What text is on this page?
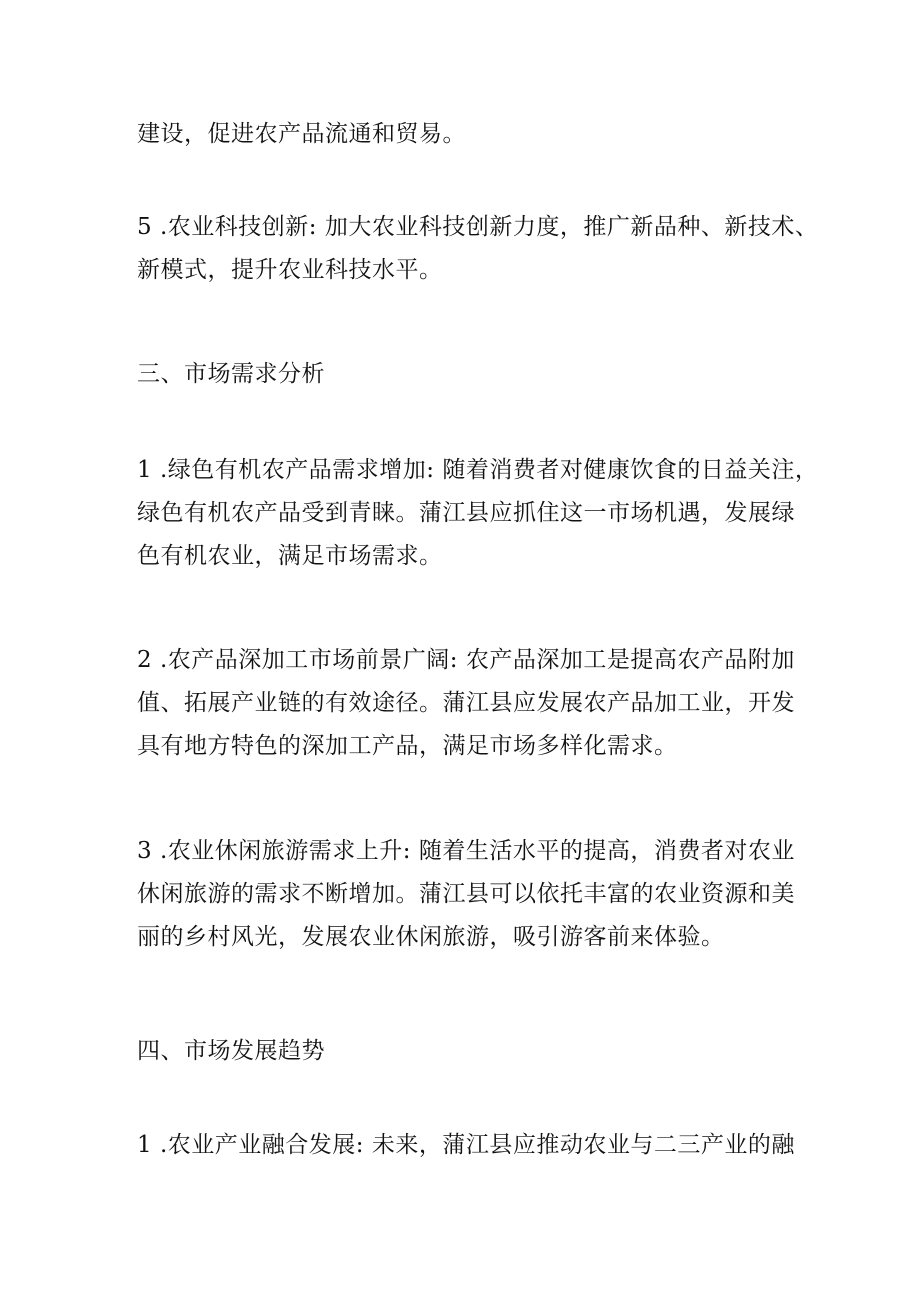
建设，促进农产品流通和贸易。

5 .农业科技创新: 加大农业科技创新力度，推广新品种、新技术、
新模式，提升农业科技水平。

三、市场需求分析

1 .绿色有机农产品需求增加: 随着消费者对健康饮食的日益关注，
绿色有机农产品受到青睐。蒲江县应抓住这一市场机遇，发展绿
色有机农业，满足市场需求。

2 .农产品深加工市场前景广阔: 农产品深加工是提高农产品附加
值、拓展产业链的有效途径。蒲江县应发展农产品加工业，开发
具有地方特色的深加工产品，满足市场多样化需求。

3 .农业休闲旅游需求上升: 随着生活水平的提高，消费者对农业
休闲旅游的需求不断增加。蒲江县可以依托丰富的农业资源和美
丽的乡村风光，发展农业休闲旅游，吸引游客前来体验。

四、市场发展趋势

1 .农业产业融合发展: 未来，蒲江县应推动农业与二三产业的融
